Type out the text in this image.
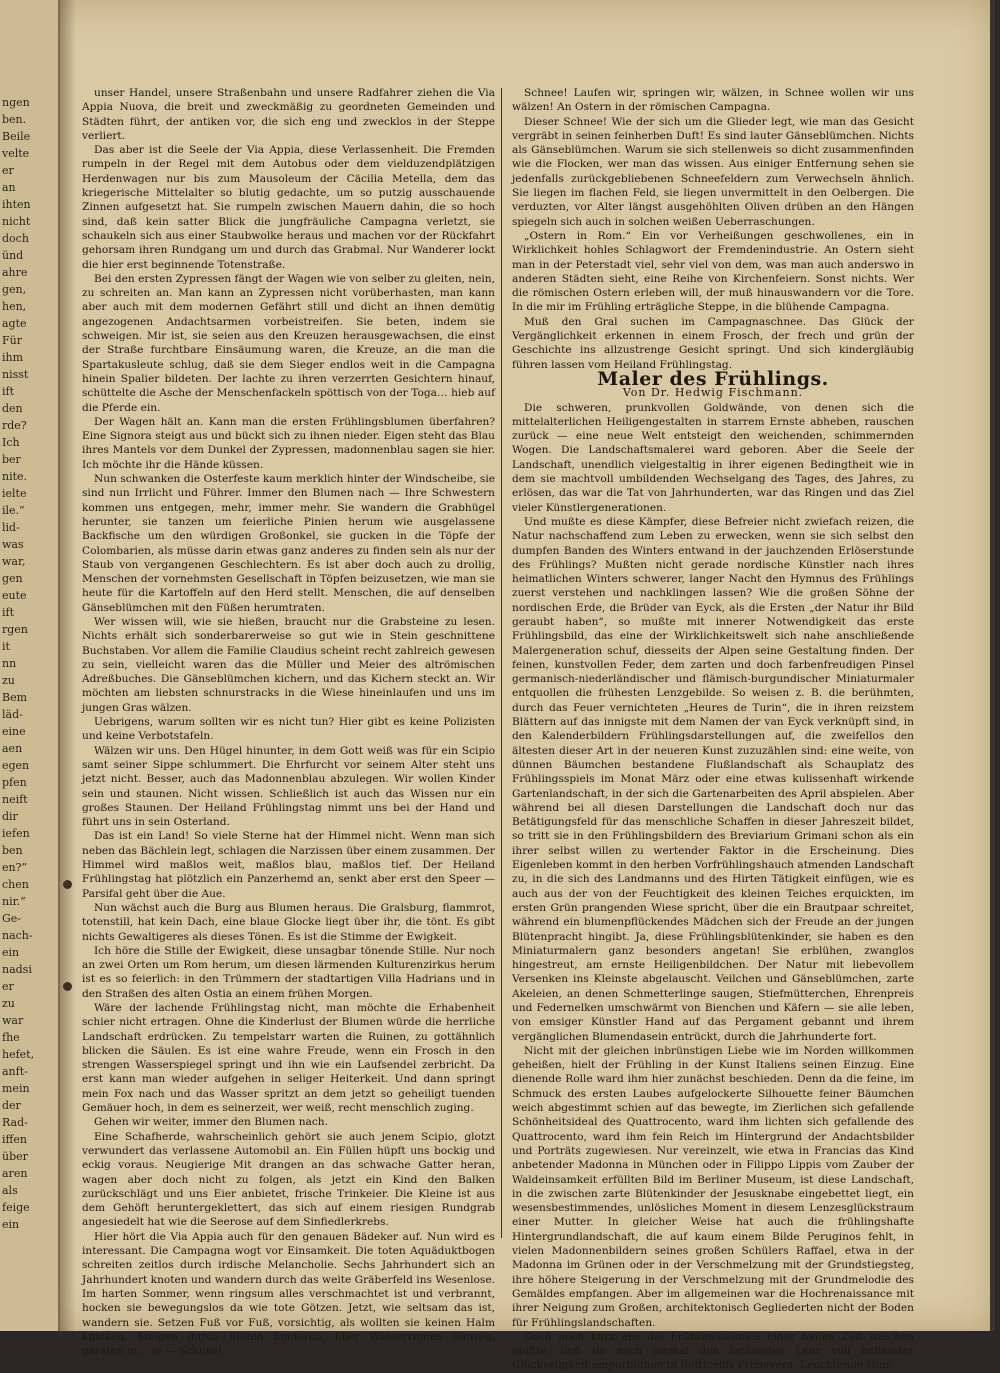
ngen
ben.
Beile
velte
er
an
ihten
nicht
doch
ünd
ahre
gen,
hen,
agte
Für
ihm
nisst
ift
den
rde?
Ich
ber
nite.
ielte
ile.“
lid-
was
war,
gen
eute
ift
rgen
it
nn
zu
Bem
läd-
eine
aen
egen
pfen
neift
dir
iefen
ben
en?“
chen
nir.“
Ge-
nach-
ein
nadsi
er
zu
war
fhe
hefet,
anft-
mein
der
Rad-
iffen
über
aren
als
feige
ein

unser Handel, unsere Straßenbahn und unsere Radfahrer ziehen die Via Appia Nuova, die breit und zweckmäßig zu geordneten Gemeinden und Städten führt, der antiken vor, die sich eng und zwecklos in der Steppe verliert.

Das aber ist die Seele der Via Appia, diese Verlassenheit. Die Fremden rumpeln in der Regel mit dem Autobus oder dem vielduzendplätzigen Herdenwagen nur bis zum Mausoleum der Cäcilia Metella, dem das kriegerische Mittelalter so blutig gedachte, um so putzig ausschauende Zinnen aufgesetzt hat. Sie rumpeln zwischen Mauern dahin, die so hoch sind, daß kein satter Blick die jungfräuliche Campagna verletzt, sie schaukeln sich aus einer Staubwolke heraus und machen vor der Rückfahrt gehorsam ihren Rundgang um und durch das Grabmal. Nur Wanderer lockt die hier erst beginnende Totenstraße.

Bei den ersten Zypressen fängt der Wagen wie von selber zu gleiten, nein, zu schreiten an. Man kann an Zypressen nicht vorüberhasten, man kann aber auch mit dem modernen Gefährt still und dicht an ihnen demütig angezogenen Andachtsarmen vorbeistreifen. Sie beten, indem sie schweigen. Mir ist, sie seien aus den Kreuzen herausgewachsen, die einst der Straße furchtbare Einsäumung waren, die Kreuze, an die man die Spartakusleute schlug, daß sie dem Sieger endlos weit in die Campagna hinein Spalier bildeten. Der lachte zu ihren verzerrten Gesichtern hinauf, schüttelte die Asche der Menschenfackeln spöttisch von der Toga… hieb auf die Pferde ein.

Der Wagen hält an. Kann man die ersten Frühlingsblumen überfahren? Eine Signora steigt aus und bückt sich zu ihnen nieder. Eigen steht das Blau ihres Mantels vor dem Dunkel der Zypressen, madonnenblau sagen sie hier. Ich möchte ihr die Hände küssen.

Nun schwanken die Osterfeste kaum merklich hinter der Windscheibe, sie sind nun Irrlicht und Führer. Immer den Blumen nach — Ihre Schwestern kommen uns entgegen, mehr, immer mehr. Sie wandern die Grabhügel herunter, sie tanzen um feierliche Pinien herum wie ausgelassene Backfische um den würdigen Großonkel, sie gucken in die Töpfe der Colombarien, als müsse darin etwas ganz anderes zu finden sein als nur der Staub von vergangenen Geschlechtern. Es ist aber doch auch zu drollig, Menschen der vornehmsten Gesellschaft in Töpfen beizusetzen, wie man sie heute für die Kartoffeln auf den Herd stellt. Menschen, die auf denselben Gänseblümchen mit den Füßen herumtraten.

Wer wissen will, wie sie hießen, braucht nur die Grabsteine zu lesen. Nichts erhält sich sonderbarerweise so gut wie in Stein geschnittene Buchstaben. Vor allem die Familie Claudius scheint recht zahlreich gewesen zu sein, vielleicht waren das die Müller und Meier des altrömischen Adreßbuches. Die Gänseblümchen kichern, und das Kichern steckt an. Wir möchten am liebsten schnurstracks in die Wiese hineinlaufen und uns im jungen Gras wälzen.

Uebrigens, warum sollten wir es nicht tun? Hier gibt es keine Polizisten und keine Verbotstafeln.

Wälzen wir uns. Den Hügel hinunter, in dem Gott weiß was für ein Scipio samt seiner Sippe schlummert. Die Ehrfurcht vor seinem Alter steht uns jetzt nicht. Besser, auch das Madonnenblau abzulegen. Wir wollen Kinder sein und staunen. Nicht wissen. Schließlich ist auch das Wissen nur ein großes Staunen. Der Heiland Frühlingstag nimmt uns bei der Hand und führt uns in sein Osterland.

Das ist ein Land! So viele Sterne hat der Himmel nicht. Wenn man sich neben das Bächlein legt, schlagen die Narzissen über einem zusammen. Der Himmel wird maßlos weit, maßlos blau, maßlos tief. Der Heiland Frühlingstag hat plötzlich ein Panzerhemd an, senkt aber erst den Speer — Parsifal geht über die Aue.

Nun wächst auch die Burg aus Blumen heraus. Die Gralsburg, flammrot, totenstill, hat kein Dach, eine blaue Glocke liegt über ihr, die tönt. Es gibt nichts Gewaltigeres als dieses Tönen. Es ist die Stimme der Ewigkeit.

Ich höre die Stille der Ewigkeit, diese unsagbar tönende Stille. Nur noch an zwei Orten um Rom herum, um diesen lärmenden Kulturenzirkus herum ist es so feierlich: in den Trümmern der stadtartigen Villa Hadrians und in den Straßen des alten Ostia an einem frühen Morgen.

Wäre der lachende Frühlingstag nicht, man möchte die Erhabenheit schier nicht ertragen. Ohne die Kinderlust der Blumen würde die herrliche Landschaft erdrücken. Zu tempelstarr warten die Ruinen, zu gottähnlich blicken die Säulen. Es ist eine wahre Freude, wenn ein Frosch in den strengen Wasserspiegel springt und ihn wie ein Laufsendel zerbricht. Da erst kann man wieder aufgehen in seliger Heiterkeit. Und dann springt mein Fox nach und das Wasser spritzt an dem jetzt so geheiligt tuenden Gemäuer hoch, in dem es seinerzeit, wer weiß, recht menschlich zuging.

Gehen wir weiter, immer den Blumen nach.

Eine Schafherde, wahrscheinlich gehört sie auch jenem Scipio, glotzt verwundert das verlassene Automobil an. Ein Füllen hüpft uns bockig und eckig voraus. Neugierige Mit drangen an das schwache Gatter heran, wagen aber doch nicht zu folgen, als jetzt ein Kind den Balken zurückschlägt und uns Eier anbietet, frische Trinkeier. Die Kleine ist aus dem Gehöft heruntergeklettert, das sich auf einem riesigen Rundgrab angesiedelt hat wie die Seerose auf dem Sinfiedlerkrebs.

Hier hört die Via Appia auch für den genauen Bädeker auf. Nun wird es interessant. Die Campagna wogt vor Einsamkeit. Die toten Aquäduktbogen schreiten zeitlos durch irdische Melancholie. Sechs Jahrhundert sich an Jahrhundert knoten und wandern durch das weite Gräberfeld ins Wesenlose. Im harten Sommer, wenn ringsum alles verschmachtet ist und verbrannt, hocken sie bewegungslos da wie tote Götzen. Jetzt, wie seltsam das ist, wandern sie. Setzen Fuß vor Fuß, vorsichtig, als wollten sie keinen Halm knicken. Steigen durch Blüten hindurch, über Wasserrinnen hinweg, geraten in… in — Schnee!

Schnee! Laufen wir, springen wir, wälzen, in Schnee wollen wir uns wälzen! An Ostern in der römischen Campagna.

Dieser Schnee! Wie der sich um die Glieder legt, wie man das Gesicht vergräbt in seinen feinherben Duft! Es sind lauter Gänseblümchen. Nichts als Gänseblümchen. Warum sie sich stellenweis so dicht zusammenfinden wie die Flocken, wer man das wissen. Aus einiger Entfernung sehen sie jedenfalls zurückgebliebenen Schneefeldern zum Verwechseln ähnlich. Sie liegen im flachen Feld, sie liegen unvermittelt in den Oelbergen. Die verduzten, vor Alter längst ausgehöhlten Oliven drüben an den Hängen spiegeln sich auch in solchen weißen Ueberraschungen.

„Ostern in Rom.“ Ein vor Verheißungen geschwollenes, ein in Wirklichkeit hohles Schlagwort der Fremdenindustrie. An Ostern sieht man in der Peterstadt viel, sehr viel von dem, was man auch anderswo in anderen Städten sieht, eine Reihe von Kirchenfeiern. Sonst nichts. Wer die römischen Ostern erleben will, der muß hinauswandern vor die Tore. In die mir im Frühling erträgliche Steppe, in die blühende Campagna.

Muß den Gral suchen im Campagnaschnee. Das Glück der Vergänglichkeit erkennen in einem Frosch, der frech und grün der Geschichte ins allzustrenge Gesicht springt. Und sich kindergläubig führen lassen vom Heiland Frühlingstag.

Maler des Frühlings.

Von Dr. Hedwig Fischmann.

Die schweren, prunkvollen Goldwände, von denen sich die mittelalterlichen Heiligengestalten in starrem Ernste abheben, rauschen zurück — eine neue Welt entsteigt den weichenden, schimmernden Wogen. Die Landschaftsmalerei ward geboren. Aber die Seele der Landschaft, unendlich vielgestaltig in ihrer eigenen Bedingtheit wie in dem sie machtvoll umbildenden Wechselgang des Tages, des Jahres, zu erlösen, das war die Tat von Jahrhunderten, war das Ringen und das Ziel vieler Künstlergenerationen.

Und mußte es diese Kämpfer, diese Befreier nicht zwiefach reizen, die Natur nachschaffend zum Leben zu erwecken, wenn sie sich selbst den dumpfen Banden des Winters entwand in der jauchzenden Erlöserstunde des Frühlings? Mußten nicht gerade nordische Künstler nach ihres heimatlichen Winters schwerer, langer Nacht den Hymnus des Frühlings zuerst verstehen und nachklingen lassen? Wie die großen Söhne der nordischen Erde, die Brüder van Eyck, als die Ersten „der Natur ihr Bild geraubt haben“, so mußte mit innerer Notwendigkeit das erste Frühlingsbild, das eine der Wirklichkeitswelt sich nahe anschließende Malergeneration schuf, diesseits der Alpen seine Gestaltung finden. Der feinen, kunstvollen Feder, dem zarten und doch farbenfreudigen Pinsel germanisch-niederländischer und flämisch-burgundischer Miniaturmaler entquollen die frühesten Lenzgebilde. So weisen z. B. die berühmten, durch das Feuer vernichteten „Heures de Turin“, die in ihren reizstem Blättern auf das innigste mit dem Namen der van Eyck verknüpft sind, in den Kalenderbildern Frühlingsdarstellungen auf, die zweifellos den ältesten dieser Art in der neueren Kunst zuzuzählen sind: eine weite, von dünnen Bäumchen bestandene Flußlandschaft als Schauplatz des Frühlingsspiels im Monat März oder eine etwas kulissenhaft wirkende Gartenlandschaft, in der sich die Gartenarbeiten des April abspielen. Aber während bei all diesen Darstellungen die Landschaft doch nur das Betätigungsfeld für das menschliche Schaffen in dieser Jahreszeit bildet, so tritt sie in den Frühlingsbildern des Breviarium Grimani schon als ein ihrer selbst willen zu wertender Faktor in die Erscheinung. Dies Eigenleben kommt in den herben Vorfrühlingshauch atmenden Landschaft zu, in die sich des Landmanns und des Hirten Tätigkeit einfügen, wie es auch aus der von der Feuchtigkeit des kleinen Teiches erquickten, im ersten Grün prangenden Wiese spricht, über die ein Brautpaar schreitet, während ein blumenpflückendes Mädchen sich der Freude an der jungen Blütenpracht hingibt. Ja, diese Frühlingsblütenkinder, sie haben es den Miniaturmalern ganz besonders angetan! Sie erblühen, zwanglos hingestreut, am ernste Heiligenbildchen. Der Natur mit liebevollem Versenken ins Kleinste abgelauscht. Veilchen und Gänseblümchen, zarte Akeleien, an denen Schmetterlinge saugen, Stiefmütterchen, Ehrenpreis und Federnelken umschwärmt von Bienchen und Käfern — sie alle leben, von emsiger Künstler Hand auf das Pergament gebannt und ihrem vergänglichen Blumendasein entrückt, durch die Jahrhunderte fort.

Nicht mit der gleichen inbrünstigen Liebe wie im Norden willkommen geheißen, hielt der Frühling in der Kunst Italiens seinen Einzug. Eine dienende Rolle ward ihm hier zunächst beschieden. Denn da die feine, im Schmuck des ersten Laubes aufgelockerte Silhouette feiner Bäumchen weich abgestimmt schien auf das bewegte, im Zierlichen sich gefallende Schönheitsideal des Quattrocento, ward ihm lichten sich gefallende des Quattrocento, ward ihm fein Reich im Hintergrund der Andachtsbilder und Porträts zugewiesen. Nur vereinzelt, wie etwa in Francias das Kind anbetender Madonna in München oder in Filippo Lippis vom Zauber der Waldeinsamkeit erfüllten Bild im Berliner Museum, ist diese Landschaft, in die zwischen zarte Blütenkinder der Jesusknabe eingebettet liegt, ein wesensbestimmendes, unlösliches Moment in diesem Lenzesglückstraum einer Mutter. In gleicher Weise hat auch die frühlingshafte Hintergrundlandschaft, die auf kaum einem Bilde Peruginos fehlt, in vielen Madonnenbildern seines großen Schülers Raffael, etwa in der Madonna im Grünen oder in der Verschmelzung mit der Grundstiegsteg, ihre höhere Steigerung in der Verschmelzung mit der Grundmelodie des Gemäldes empfangen. Aber im allgemeinen war die Hochrenaissance mit ihrer Neigung zum Großen, architektonisch Gegliederten nicht der Boden für Frühlingslandschaften.

Doch noch kurz ehe die Frührenaissance einer neuen Zeit weichen mußte, ließ sie noch einmal den lachenden Lenz voll heiterster Glückseligkeit emporblühen in Botticellis Primavera. Leuchtende Him-
